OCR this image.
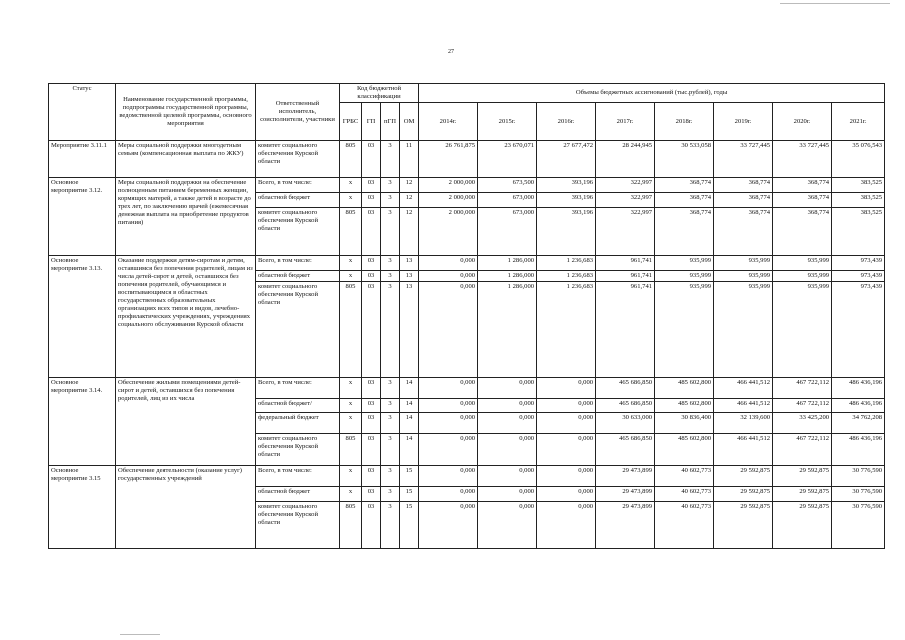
27
Статус	Наименование государственной программы, подпрограммы государственной программы, ведомственной целевой программы, основного мероприятия	Ответственный исполнитель, соисполнители, участники	Код бюджетной классификации				Объемы бюджетных ассигнований (тыс.рублей), годы							
			ГРБС	ГП	пГП	ОМ	2014г.	2015г.	2016г.	2017г.	2018г.	2019г.	2020г.	2021г.
Мероприятие 3.11.1	Меры социальной поддержки многодетным семьям (компенсационная выплата по ЖКУ)	комитет социального обеспечения Курской области	805	03	3	11	26 761,875	23 670,071	27 677,472	28 244,945	30 533,058	33 727,445	33 727,445	35 076,543
Основное мероприятие 3.12.	Меры социальной поддержки на обеспечение полноценным питанием беременных женщин, кормящих матерей, а также детей в возрасте до трех лет, по заключению врачей (ежемесячная денежная выплата на приобретение продуктов питания)	Всего, в том числе:	х	03	3	12	2 000,000	673,500	393,196	322,997	368,774	368,774	368,774	383,525
		областной бюджет	х	03	3	12	2 000,000	673,000	393,196	322,997	368,774	368,774	368,774	383,525
		комитет социального обеспечения Курской области	805	03	3	12	2 000,000	673,000	393,196	322,997	368,774	368,774	368,774	383,525
Основное мероприятие 3.13.	Оказание поддержки детям-сиротам и детям, оставшимся без попечения родителей, лицам из числа детей-сирот и детей, оставшихся без попечения родителей, обучающимся и воспитывающимся в областных государственных образовательных организациях всех типов и видов, лечебно-профилактических учреждениях, учреждениях социального обслуживания Курской области	Всего, в том числе:	х	03	3	13	0,000	1 286,000	1 236,683	961,741	935,999	935,999	935,999	973,439
		областной бюджет	х	03	3	13	0,000	1 286,000	1 236,683	961,741	935,999	935,999	935,999	973,439
		комитет социального обеспечения Курской области	805	03	3	13	0,000	1 286,000	1 236,683	961,741	935,999	935,999	935,999	973,439
Основное мероприятие 3.14.	Обеспечение жилыми помещениями детей-сирот и детей, оставшихся без попечения родителей, лиц из их числа	Всего, в том числе:	х	03	3	14	0,000	0,000	0,000	465 686,850	485 602,800	466 441,512	467 722,112	486 436,196
		областной бюджет/	х	03	3	14	0,000	0,000	0,000	465 686,850	485 602,800	466 441,512	467 722,112	486 436,196
		федеральный бюджет	х	03	3	14	0,000	0,000	0,000	30 633,000	30 836,400	32 139,600	33 425,200	34 762,208
		комитет социального обеспечения Курской области	805	03	3	14	0,000	0,000	0,000	465 686,850	485 602,800	466 441,512	467 722,112	486 436,196
Основное мероприятие 3.15	Обеспечение деятельности (оказание услуг) государственных учреждений	Всего, в том числе:	х	03	3	15	0,000	0,000	0,000	29 473,899	40 602,773	29 592,875	29 592,875	30 776,590
		областной бюджет	х	03	3	15	0,000	0,000	0,000	29 473,899	40 602,773	29 592,875	29 592,875	30 776,590
		комитет социального обеспечения Курской области	805	03	3	15	0,000	0,000	0,000	29 473,899	40 602,773	29 592,875	29 592,875	30 776,590
